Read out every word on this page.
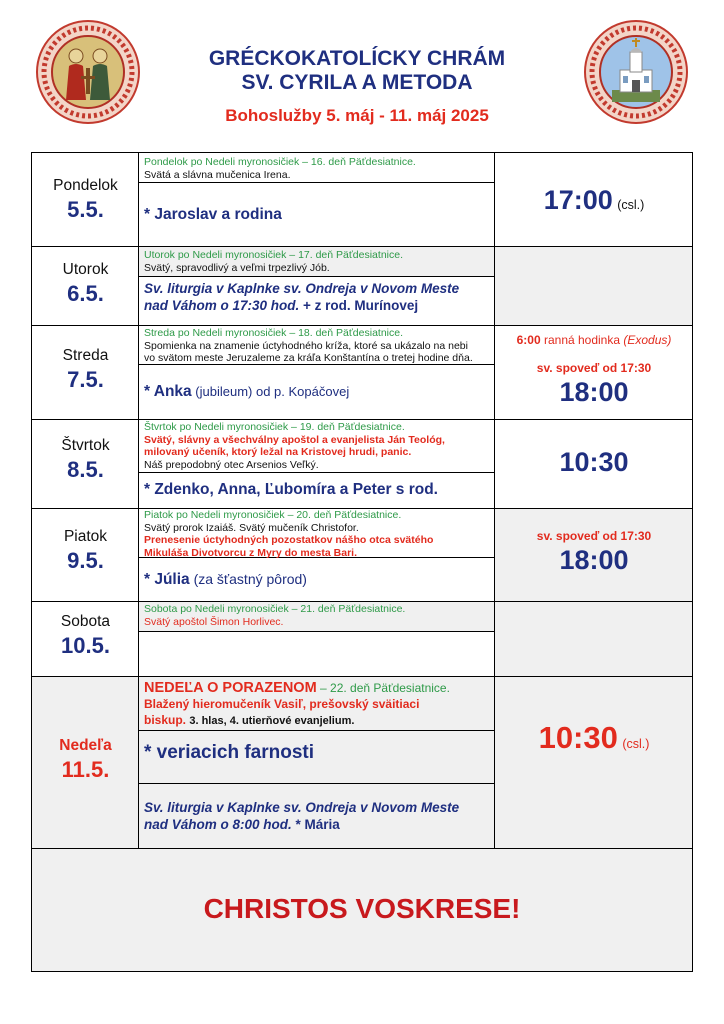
GRÉCKOKATOLÍCKY CHRÁM
SV. CYRILA A METODA
Bohoslužby 5. máj - 11. máj 2025
Pondelok
5.5.
Pondelok po Nedeli myronosičiek – 16. deň Päťdesiatnice.
Svätá a slávna mučenica Irena.
* Jaroslav a rodina	17:00 (csl.)
Utorok
6.5.
Utorok po Nedeli myronosičiek – 17. deň Päťdesiatnice.
Svätý, spravodlivý a veľmi trpezlivý Jób.
Sv. liturgia v Kaplnke sv. Ondreja v Novom Meste
nad Váhom o 17:30 hod. + z rod. Murínovej
Streda
7.5.
Streda po Nedeli myronosičiek – 18. deň Päťdesiatnice.
Spomienka na znamenie úctyhodného kríža, ktoré sa ukázalo na nebi
vo svätom meste Jeruzaleme za kráľa Konštantína o tretej hodine dňa.
* Anka (jubileum) od p. Kopáčovej
6:00 ranná hodinka (Exodus)
sv. spoveď od 17:30
18:00
Štvrtok
8.5.
Štvrtok po Nedeli myronosičiek – 19. deň Päťdesiatnice.
Svätý, slávny a všechválny apoštol a evanjelista Ján Teológ,
milovaný učeník, ktorý ležal na Kristovej hrudi, panic.
Náš prepodobný otec Arsenios Veľký.
* Zdenko, Anna, Ľubomíra a Peter s rod.
10:30
Piatok
9.5.
Piatok po Nedeli myronosičiek – 20. deň Päťdesiatnice.
Svätý prorok Izaiáš. Svätý mučeník Christofor.
Prenesenie úctyhodných pozostatkov nášho otca svätého
Mikuláša Divotvorcu z Myry do mesta Bari.
* Júlia (za šťastný pôrod)
sv. spoveď od 17:30
18:00
Sobota
10.5.
Sobota po Nedeli myronosičiek – 21. deň Päťdesiatnice.
Svätý apoštol Šimon Horlivec.
Nedeľa
11.5.
NEDEĽA O PORAZENOM – 22. deň Päťdesiatnice.
Blažený hieromučeník Vasiľ, prešovský sväitiaci
biskup. 3. hlas, 4. utierňové evanjelium.
* veriacich farnosti	10:30 (csl.)
Sv. liturgia v Kaplnke sv. Ondreja v Novom Meste
nad Váhom o 8:00 hod. * Mária
CHRISTOS VOSKRESE!
